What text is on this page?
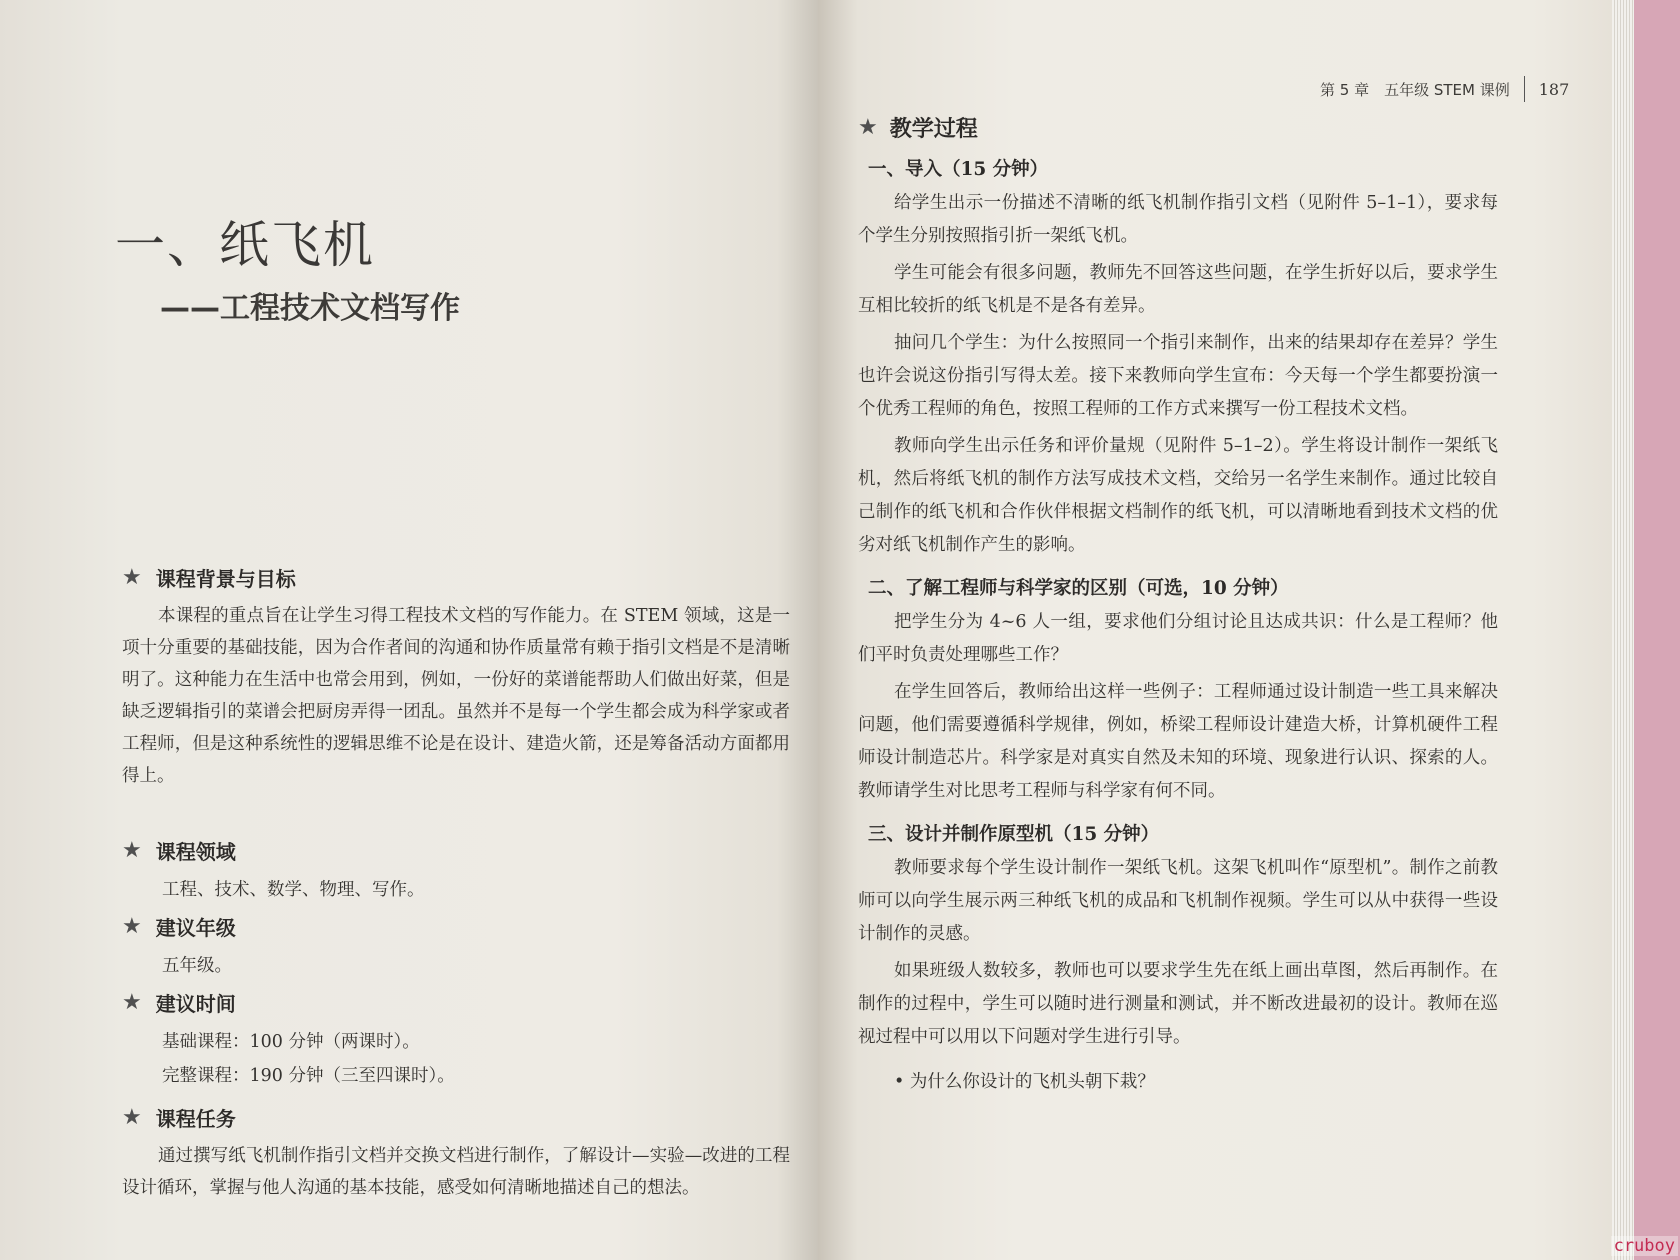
一、纸飞机
——工程技术文档写作
★ 课程背景与目标

本课程的重点旨在让学生习得工程技术文档的写作能力。在 STEM 领域，这是一项十分重要的基础技能，因为合作者间的沟通和协作质量常有赖于指引文档是不是清晰明了。这种能力在生活中也常会用到，例如，一份好的菜谱能帮助人们做出好菜，但是缺乏逻辑指引的菜谱会把厨房弄得一团乱。虽然并不是每一个学生都会成为科学家或者工程师，但是这种系统性的逻辑思维不论是在设计、建造火箭，还是筹备活动方面都用得上。

★ 课程领域

工程、技术、数学、物理、写作。

★ 建议年级

五年级。

★ 建议时间

基础课程：100 分钟（两课时）。

完整课程：190 分钟（三至四课时）。

★ 课程任务

通过撰写纸飞机制作指引文档并交换文档进行制作，了解设计—实验—改进的工程设计循环，掌握与他人沟通的基本技能，感受如何清晰地描述自己的想法。

第 5 章　五年级 STEM 课例 187
★ 教学过程
一、导入（15 分钟）

给学生出示一份描述不清晰的纸飞机制作指引文档（见附件 5–1–1），要求每个学生分别按照指引折一架纸飞机。

学生可能会有很多问题，教师先不回答这些问题，在学生折好以后，要求学生互相比较折的纸飞机是不是各有差异。

抽问几个学生：为什么按照同一个指引来制作，出来的结果却存在差异？学生也许会说这份指引写得太差。接下来教师向学生宣布：今天每一个学生都要扮演一个优秀工程师的角色，按照工程师的工作方式来撰写一份工程技术文档。

教师向学生出示任务和评价量规（见附件 5–1–2）。学生将设计制作一架纸飞机，然后将纸飞机的制作方法写成技术文档，交给另一名学生来制作。通过比较自己制作的纸飞机和合作伙伴根据文档制作的纸飞机，可以清晰地看到技术文档的优劣对纸飞机制作产生的影响。

二、了解工程师与科学家的区别（可选，10 分钟）

把学生分为 4~6 人一组，要求他们分组讨论且达成共识：什么是工程师？他们平时负责处理哪些工作？

在学生回答后，教师给出这样一些例子：工程师通过设计制造一些工具来解决问题，他们需要遵循科学规律，例如，桥梁工程师设计建造大桥，计算机硬件工程师设计制造芯片。科学家是对真实自然及未知的环境、现象进行认识、探索的人。教师请学生对比思考工程师与科学家有何不同。

三、设计并制作原型机（15 分钟）

教师要求每个学生设计制作一架纸飞机。这架飞机叫作“原型机”。制作之前教师可以向学生展示两三种纸飞机的成品和飞机制作视频。学生可以从中获得一些设计制作的灵感。

如果班级人数较多，教师也可以要求学生先在纸上画出草图，然后再制作。在制作的过程中，学生可以随时进行测量和测试，并不断改进最初的设计。教师在巡视过程中可以用以下问题对学生进行引导。

• 为什么你设计的飞机头朝下栽？

cruboy
